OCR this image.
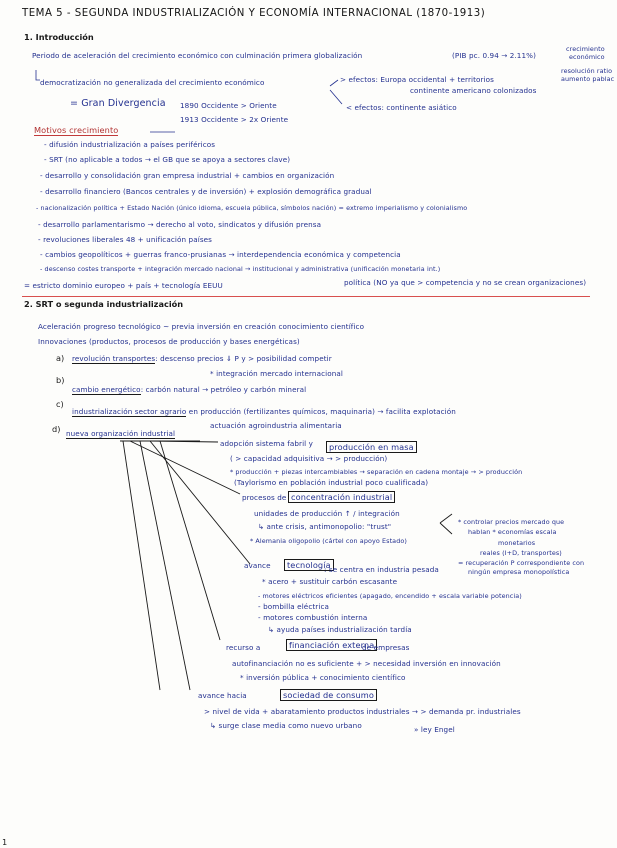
TEMA 5 - SEGUNDA INDUSTRIALIZACIÓN Y ECONOMÍA INTERNACIONAL (1870-1913)
1. Introducción
Periodo de aceleración del crecimiento económico con culminación primera globalización	(PIB pc. 0.94 → 2.11%)
crecimiento
económico
resolución ratio
aumento pablac
democratización no generalizada del crecimiento económico	> efectos: Europa occidental + territorios
continente americano colonizados
< efectos: continente asiático
= Gran Divergencia 1890 Occidente > Oriente
1913 Occidente > 2x Oriente
Motivos crecimiento
- difusión industrialización a países periféricos
- SRT (no aplicable a todos → el GB que se apoya a sectores clave)
- desarrollo y consolidación gran empresa industrial + cambios en organización
- desarrollo financiero (Bancos centrales y de inversión) + explosión demográfica gradual
- nacionalización política + Estado Nación (único idioma, escuela pública, símbolos nación) = extremo imperialismo y colonialismo
- desarrollo parlamentarismo → derecho al voto, sindicatos y difusión prensa
- revoluciones liberales 48 + unificación países
- cambios geopolíticos + guerras franco-prusianas → interdependencia económica y competencia
- descenso costes transporte + integración mercado nacional → institucional y administrativa (unificación monetaria int.)
política (NO ya que > competencia y no se crean organizaciones)
= estricto dominio europeo + país + tecnología EEUU
2. SRT o segunda industrialización
Aceleración progreso tecnológico ~ previa inversión en creación conocimiento científico
Innovaciones (productos, procesos de producción y bases energéticas)
a) revolución transportes: descenso precios ⇓ P y > posibilidad competir
* integración mercado internacional
b)
cambio energético: carbón natural → petróleo y carbón mineral
c)
industrialización sector agrario en producción (fertilizantes químicos, maquinaria) → facilita explotación
actuación agroindustria alimentaria
d) nueva organización industrial
adopción sistema fabril y	producción en masa
( > capacidad adquisitiva → > producción)
* producción + piezas intercambiables → separación en cadena montaje → > producción
(Taylorismo en población industrial poco cualificada)
procesos de concentración industrial
unidades de producción ↑ / integración
↳ ante crisis, antimonopolio: "trust"
* Alemania oligopolio (cártel con apoyo Estado)
* controlar precios mercado que
hablan * economías escala
monetarios
reales (I+D, transportes)
= recuperación P correspondiente con
ningún empresa monopolística
avance	tecnología
: se centra en industria pesada
* acero + sustituir carbón escasante
- motores eléctricos eficientes (apagado, encendido + escala variable potencia)
- bombilla eléctrica
- motores combustión interna
↳ ayuda países industrialización tardía
recurso a	financiación externa
de empresas
autofinanciación no es suficiente + > necesidad inversión en innovación
* inversión pública + conocimiento científico
avance hacia	sociedad de consumo
> nivel de vida + abaratamiento productos industriales → > demanda pr. industriales
↳ surge clase media como nuevo urbano	» ley Engel
1
